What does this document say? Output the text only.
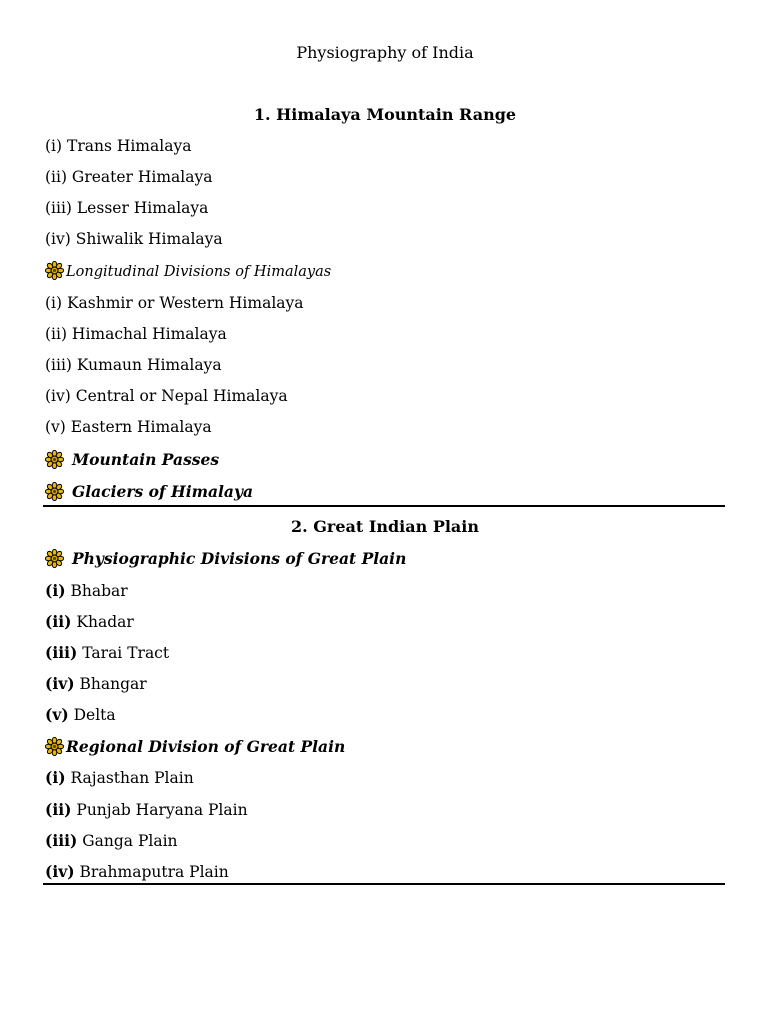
Physiography of India
1. Himalaya Mountain Range
(i) Trans Himalaya
(ii) Greater Himalaya
(iii) Lesser Himalaya
(iv) Shiwalik Himalaya
Longitudinal Divisions of Himalayas
(i) Kashmir or Western Himalaya
(ii) Himachal Himalaya
(iii) Kumaun Himalaya
(iv) Central or Nepal Himalaya
(v) Eastern Himalaya
Mountain Passes
Glaciers of Himalaya
2. Great Indian Plain
Physiographic Divisions of Great Plain
(i) Bhabar
(ii) Khadar
(iii) Tarai Tract
(iv) Bhangar
(v) Delta
Regional Division of Great Plain
(i) Rajasthan Plain
(ii) Punjab Haryana Plain
(iii) Ganga Plain
(iv) Brahmaputra Plain
